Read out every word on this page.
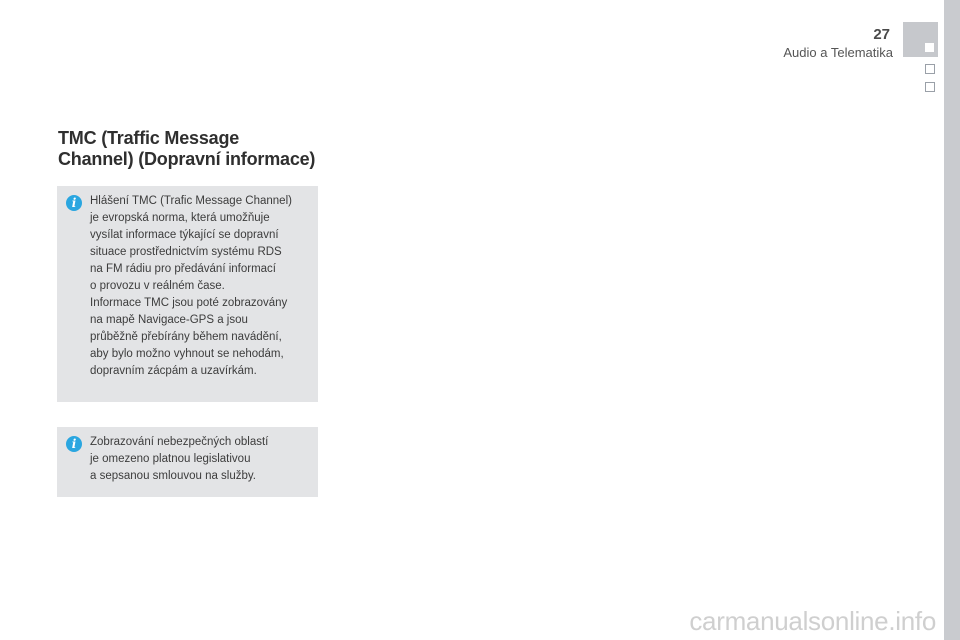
27
Audio a Telematika
TMC (Traffic Message
Channel) (Dopravní informace)
i	Hlášení TMC (Trafic Message Channel)
je evropská norma, která umožňuje
vysílat informace týkající se dopravní
situace prostřednictvím systému RDS
na FM rádiu pro předávání informací
o provozu v reálném čase.
Informace TMC jsou poté zobrazovány
na mapě Navigace-GPS a jsou
průběžně přebírány během navádění,
aby bylo možno vyhnout se nehodám,
dopravním zácpám a uzavírkám.
i	Zobrazování nebezpečných oblastí
je omezeno platnou legislativou
a sepsanou smlouvou na služby.
carmanualsonline.info
